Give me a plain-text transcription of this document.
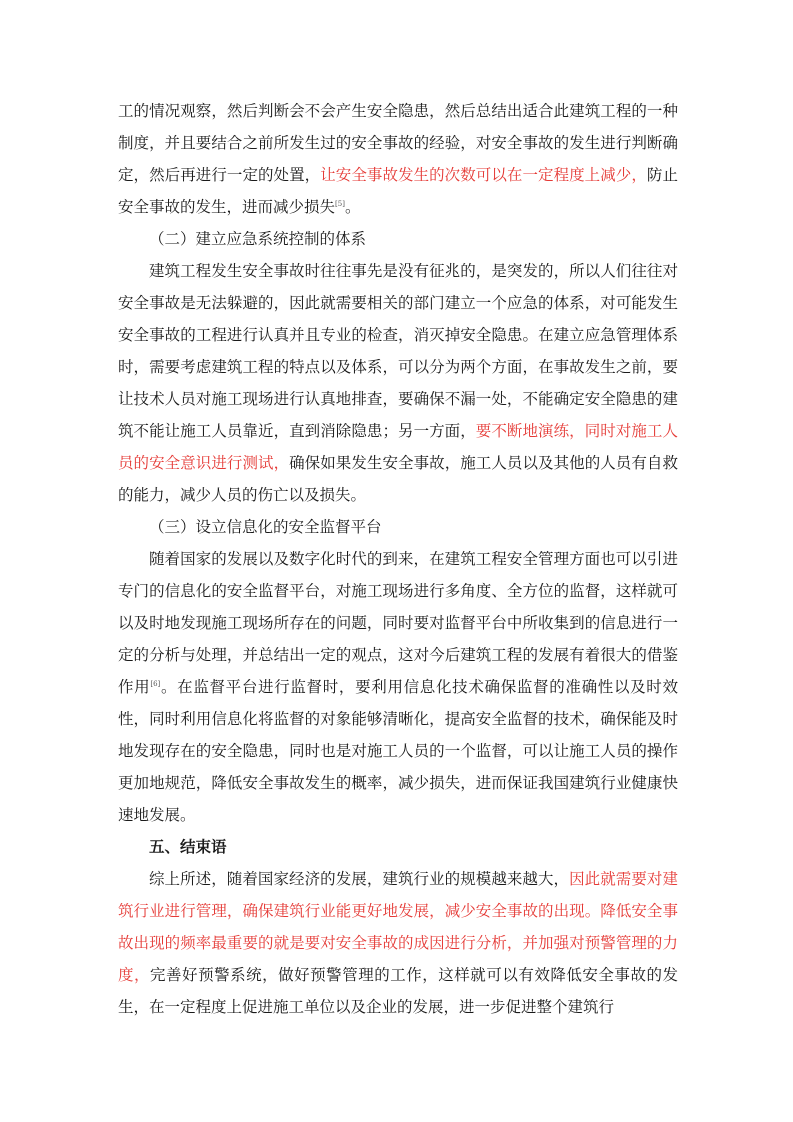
工的情况观察，然后判断会不会产生安全隐患，然后总结出适合此建筑工程的一种制度，并且要结合之前所发生过的安全事故的经验，对安全事故的发生进行判断确定，然后再进行一定的处置，让安全事故发生的次数可以在一定程度上减少，防止安全事故的发生，进而减少损失[5]。

（二）建立应急系统控制的体系

建筑工程发生安全事故时往往事先是没有征兆的，是突发的，所以人们往往对安全事故是无法躲避的，因此就需要相关的部门建立一个应急的体系，对可能发生安全事故的工程进行认真并且专业的检查，消灭掉安全隐患。在建立应急管理体系时，需要考虑建筑工程的特点以及体系，可以分为两个方面，在事故发生之前，要让技术人员对施工现场进行认真地排查，要确保不漏一处，不能确定安全隐患的建筑不能让施工人员靠近，直到消除隐患；另一方面，要不断地演练，同时对施工人员的安全意识进行测试，确保如果发生安全事故，施工人员以及其他的人员有自救的能力，减少人员的伤亡以及损失。

（三）设立信息化的安全监督平台

随着国家的发展以及数字化时代的到来，在建筑工程安全管理方面也可以引进专门的信息化的安全监督平台，对施工现场进行多角度、全方位的监督，这样就可以及时地发现施工现场所存在的问题，同时要对监督平台中所收集到的信息进行一定的分析与处理，并总结出一定的观点，这对今后建筑工程的发展有着很大的借鉴作用[6]。在监督平台进行监督时，要利用信息化技术确保监督的准确性以及时效性，同时利用信息化将监督的对象能够清晰化，提高安全监督的技术，确保能及时地发现存在的安全隐患，同时也是对施工人员的一个监督，可以让施工人员的操作更加地规范，降低安全事故发生的概率，减少损失，进而保证我国建筑行业健康快速地发展。

五、结束语

综上所述，随着国家经济的发展，建筑行业的规模越来越大，因此就需要对建筑行业进行管理，确保建筑行业能更好地发展，减少安全事故的出现。降低安全事故出现的频率最重要的就是要对安全事故的成因进行分析，并加强对预警管理的力度，完善好预警系统，做好预警管理的工作，这样就可以有效降低安全事故的发生，在一定程度上促进施工单位以及企业的发展，进一步促进整个建筑行
